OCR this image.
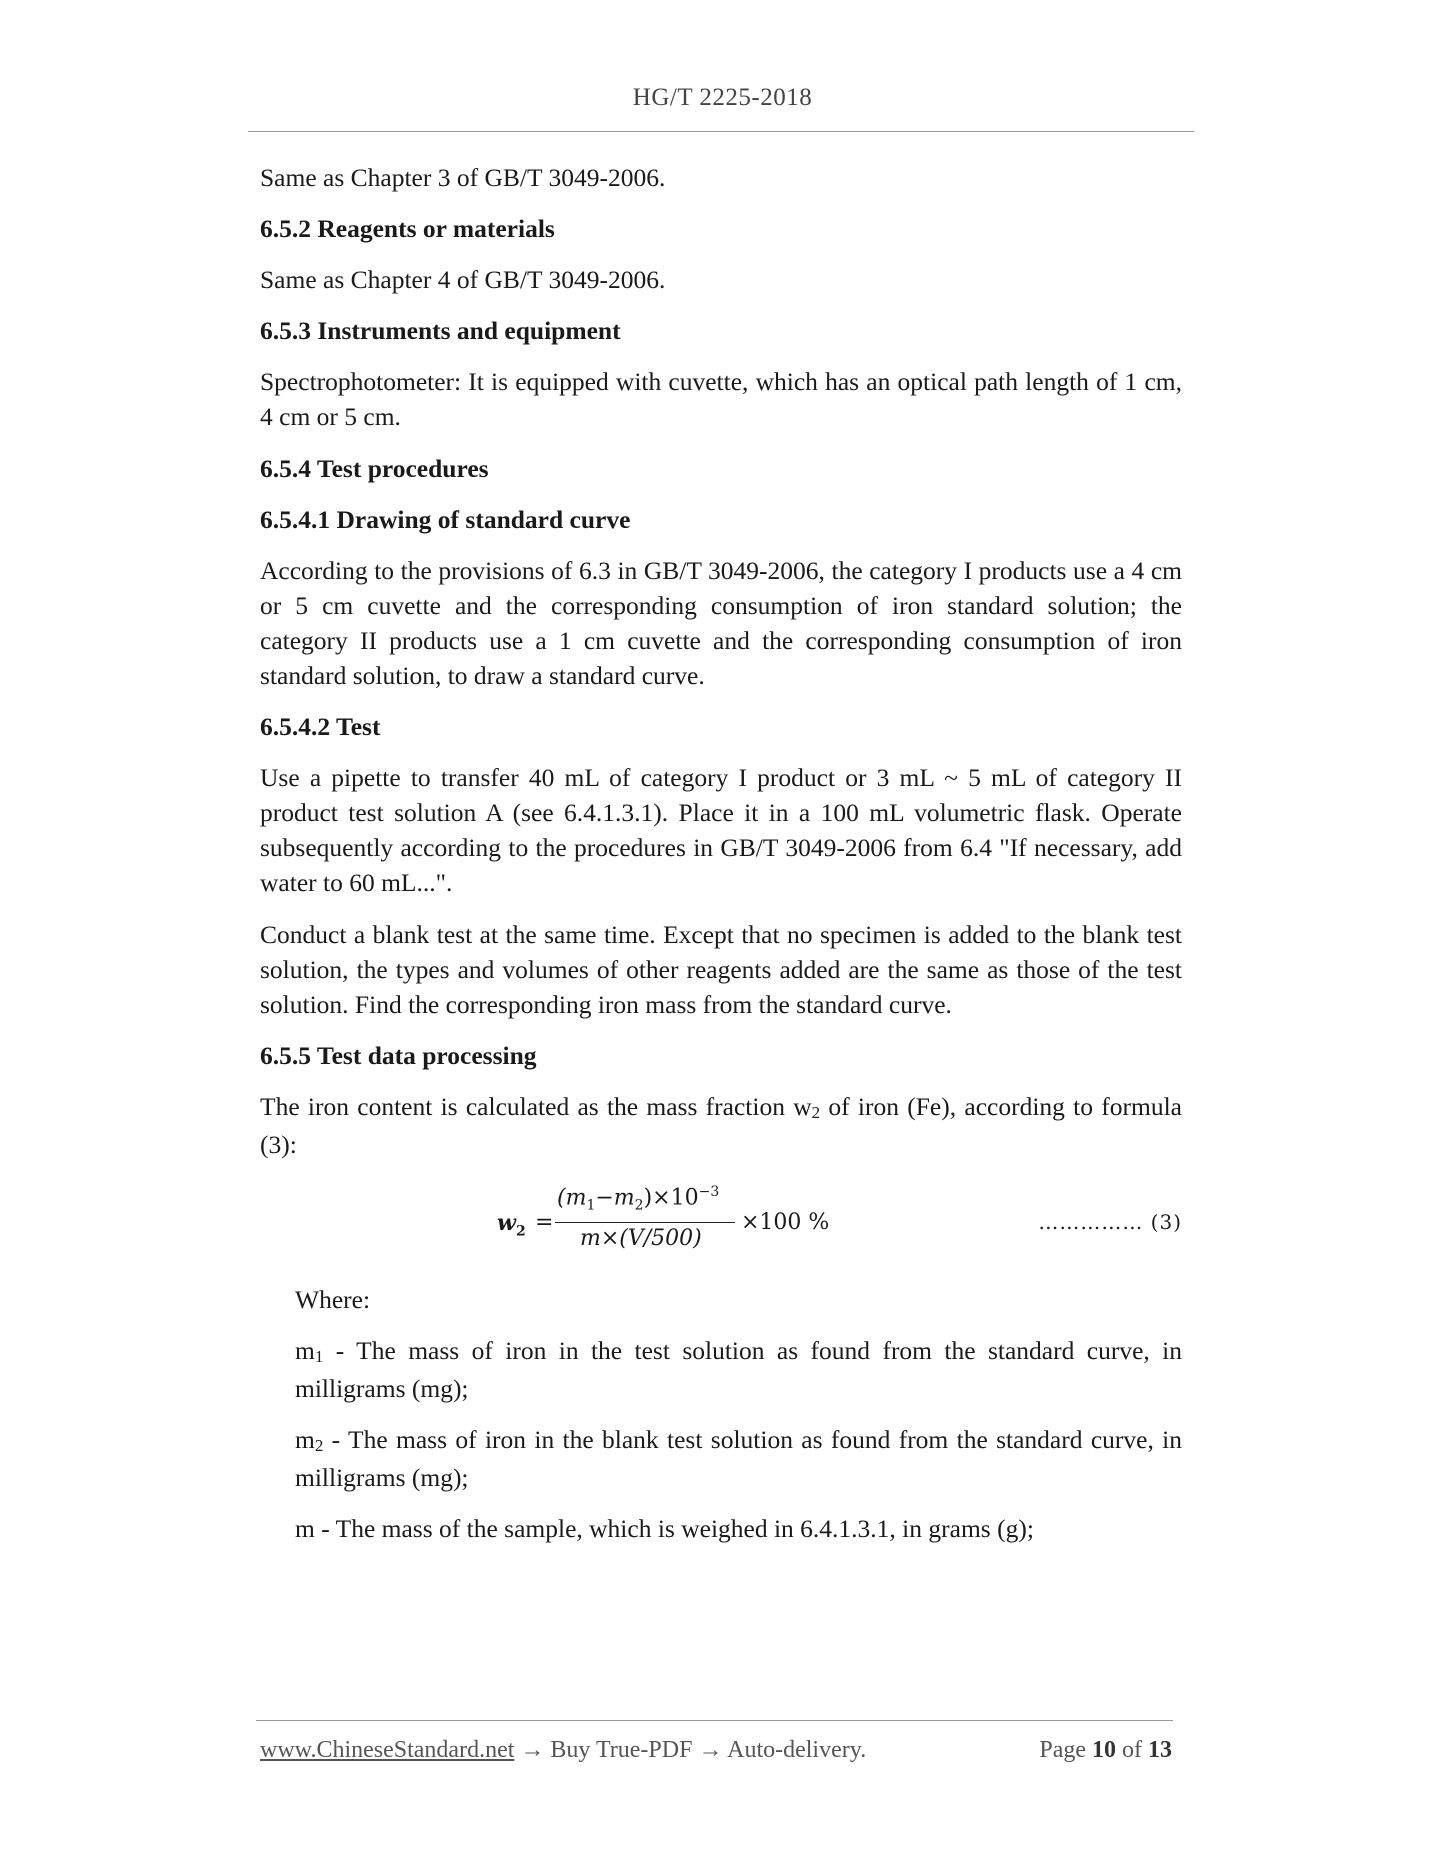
HG/T 2225-2018

Same as Chapter 3 of GB/T 3049-2006.

6.5.2 Reagents or materials

Same as Chapter 4 of GB/T 3049-2006.

6.5.3 Instruments and equipment

Spectrophotometer: It is equipped with cuvette, which has an optical path length of 1 cm, 4 cm or 5 cm.

6.5.4 Test procedures

6.5.4.1 Drawing of standard curve

According to the provisions of 6.3 in GB/T 3049-2006, the category I products use a 4 cm or 5 cm cuvette and the corresponding consumption of iron standard solution; the category II products use a 1 cm cuvette and the corresponding consumption of iron standard solution, to draw a standard curve.

6.5.4.2 Test

Use a pipette to transfer 40 mL of category I product or 3 mL ~ 5 mL of category II product test solution A (see 6.4.1.3.1). Place it in a 100 mL volumetric flask. Operate subsequently according to the procedures in GB/T 3049-2006 from 6.4 "If necessary, add water to 60 mL...".

Conduct a blank test at the same time. Except that no specimen is added to the blank test solution, the types and volumes of other reagents added are the same as those of the test solution. Find the corresponding iron mass from the standard curve.

6.5.5 Test data processing

The iron content is calculated as the mass fraction w2 of iron (Fe), according to formula (3):

$w_2$ =
$(m_1-m_2)\times 10^{-3}$
m×(V/500)
×100 %	…………… (3)

Where:

m1 - The mass of iron in the test solution as found from the standard curve, in milligrams (mg);

m2 - The mass of iron in the blank test solution as found from the standard curve, in milligrams (mg);

m - The mass of the sample, which is weighed in 6.4.1.3.1, in grams (g);

www.ChineseStandard.net → Buy True-PDF → Auto-delivery.	Page 10 of 13
